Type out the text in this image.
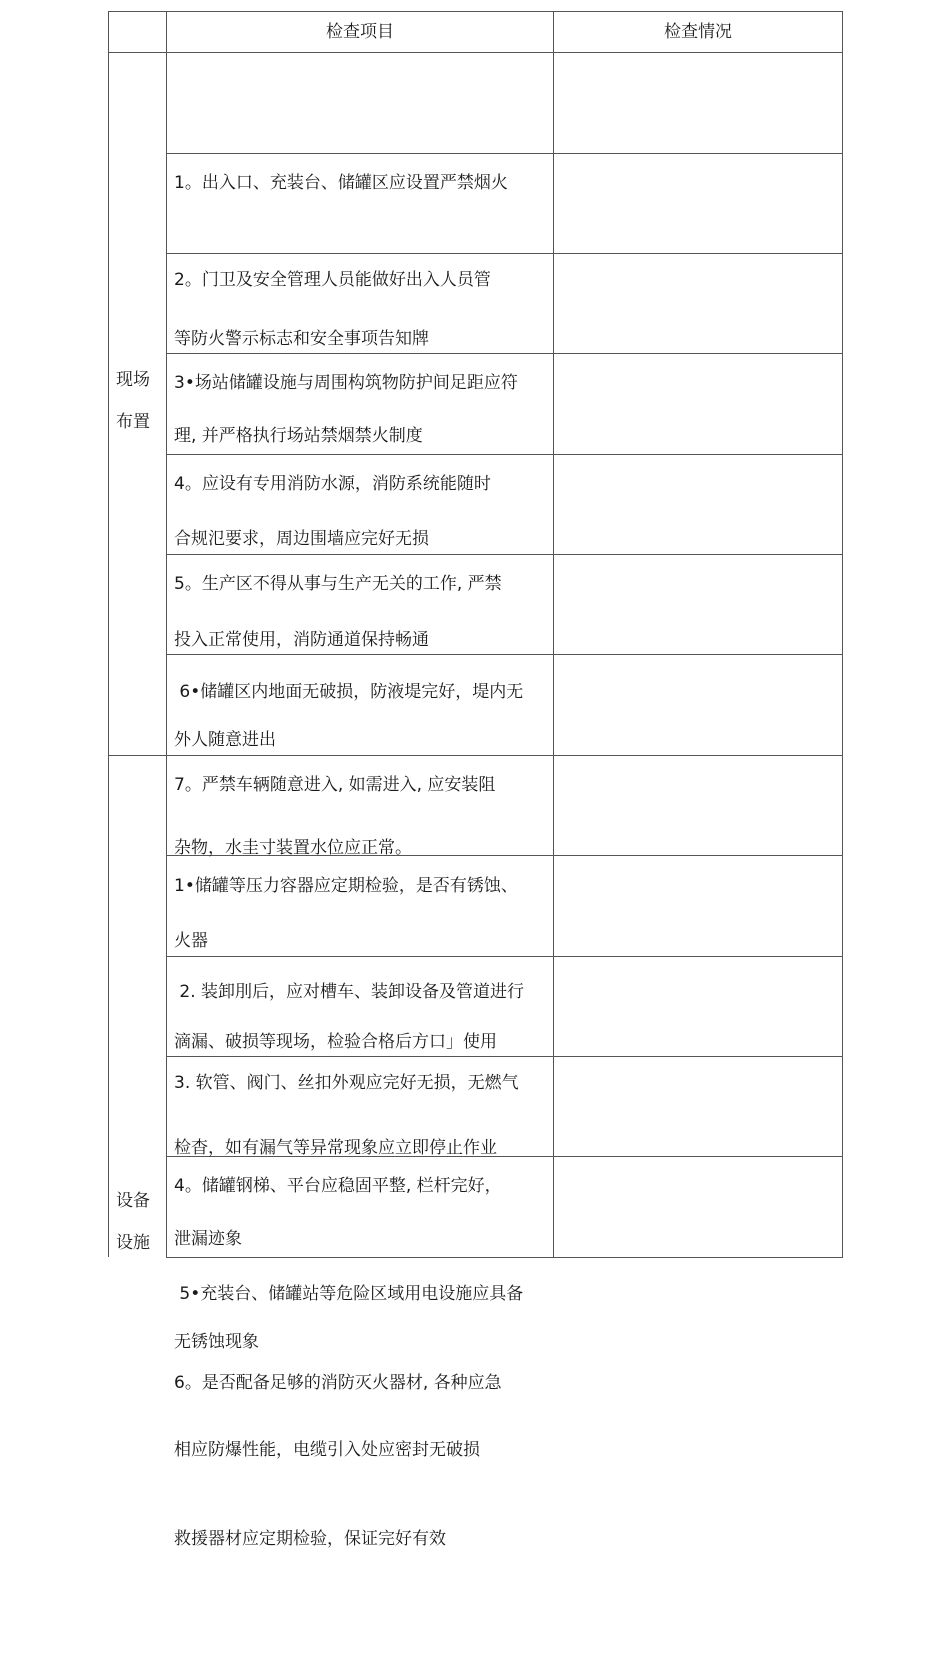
检查项目	检查情况
现场
布置

1。出入口、充装台、储罐区应设置严禁烟火

等防火警示标志和安全事项告知牌

2。门卫及安全管理人员能做好出入人员管

理, 并严格执行场站禁烟禁火制度

3•场站储罐设施与周围构筑物防护间足距应符

合规氾要求，周边围墙应完好无损

4。应设有专用消防水源，消防系统能随时

投入正常使用，消防通道保持畅通

5。生产区不得从事与生产无关的工作, 严禁

外人随意进出

6•储罐区内地面无破损，防液堤完好，堤内无

杂物，水圭寸装置水位应正常。

7。严禁车辆随意进入, 如需进入, 应安装阻

火器

设备
设施

1•储罐等压力容器应定期检验，是否有锈蚀、

滴漏、破损等现场，检验合格后方口」使用

2. 装卸刖后，应对槽车、装卸设备及管道进行

检杳，如有漏气等异常现象应立即停止作业

3. 软管、阀门、丝扣外观应完好无损，无燃气

泄漏迹象

4。储罐钢梯、平台应稳固平整, 栏杆完好，

无锈蚀现象

5•充装台、储罐站等危险区域用电设施应具备

相应防爆性能，电缆引入处应密封无破损

6。是否配备足够的消防灭火器材, 各种应急

救援器材应定期检验，保证完好有效
